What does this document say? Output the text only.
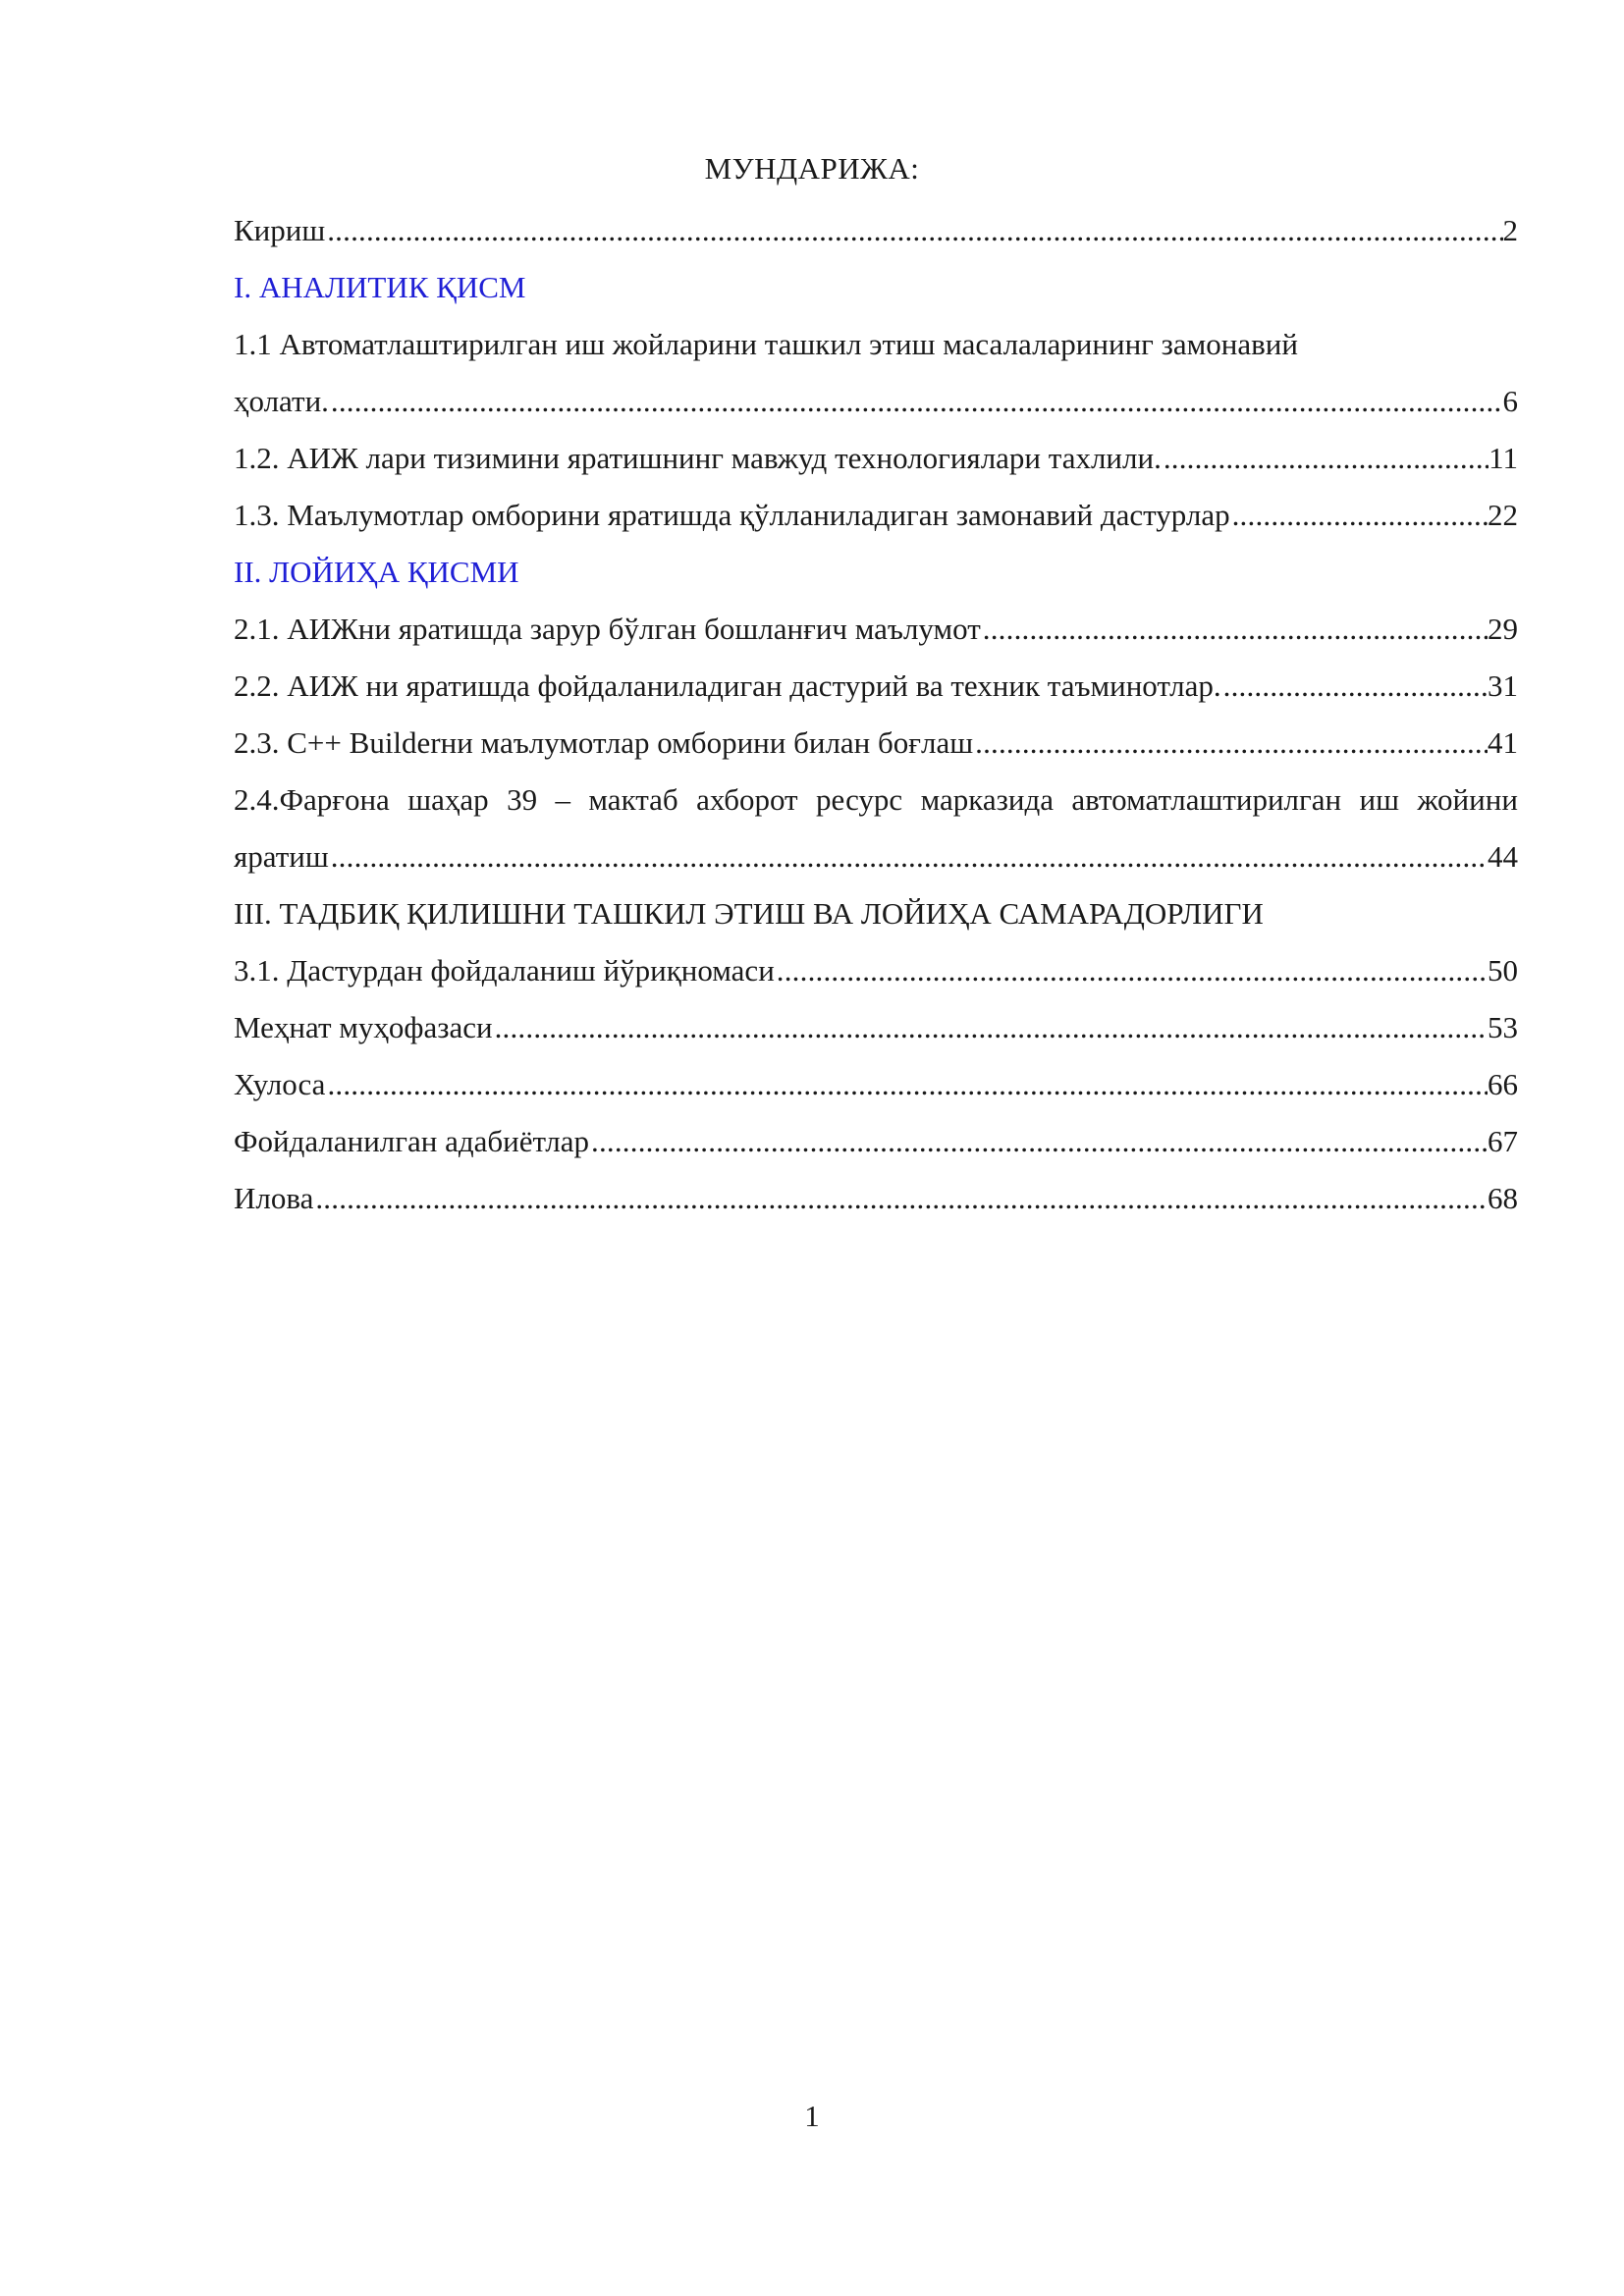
МУНДАРИЖА:
Кириш .....	2
I. АНАЛИТИК ҚИСМ
1.1 Автоматлаштирилган иш жойларини ташкил этиш масалаларининг замонавий
ҳолати. .....	6
1.2. АИЖ лари тизимини яратишнинг мавжуд технологиялари тахлили. .....	11
1.3. Маълумотлар омборини яратишда қўлланиладиган замонавий дастурлар .....	22
II. ЛОЙИҲА ҚИСМИ
2.1. АИЖни яратишда зарур бўлган бошланғич маълумот .....	29
2.2. АИЖ ни яратишда фойдаланиладиган дастурий ва техник таъминотлар. .....	31
2.3. С++ Builderни маълумотлар омборини билан боғлаш .....	41
2.4.Фарғона шаҳар 39 – мактаб ахборот ресурс марказида автоматлаштирилган иш жойини
яратиш .....	44
III. ТАДБИҚ ҚИЛИШНИ ТАШКИЛ ЭТИШ ВА ЛОЙИҲА САМАРАДОРЛИГИ
3.1. Дастурдан фойдаланиш йўриқномаси .....	50
Меҳнат муҳофазаси .....	53
Хулоса .....	66
Фойдаланилган адабиётлар .....	67
Илова .....	68
1
